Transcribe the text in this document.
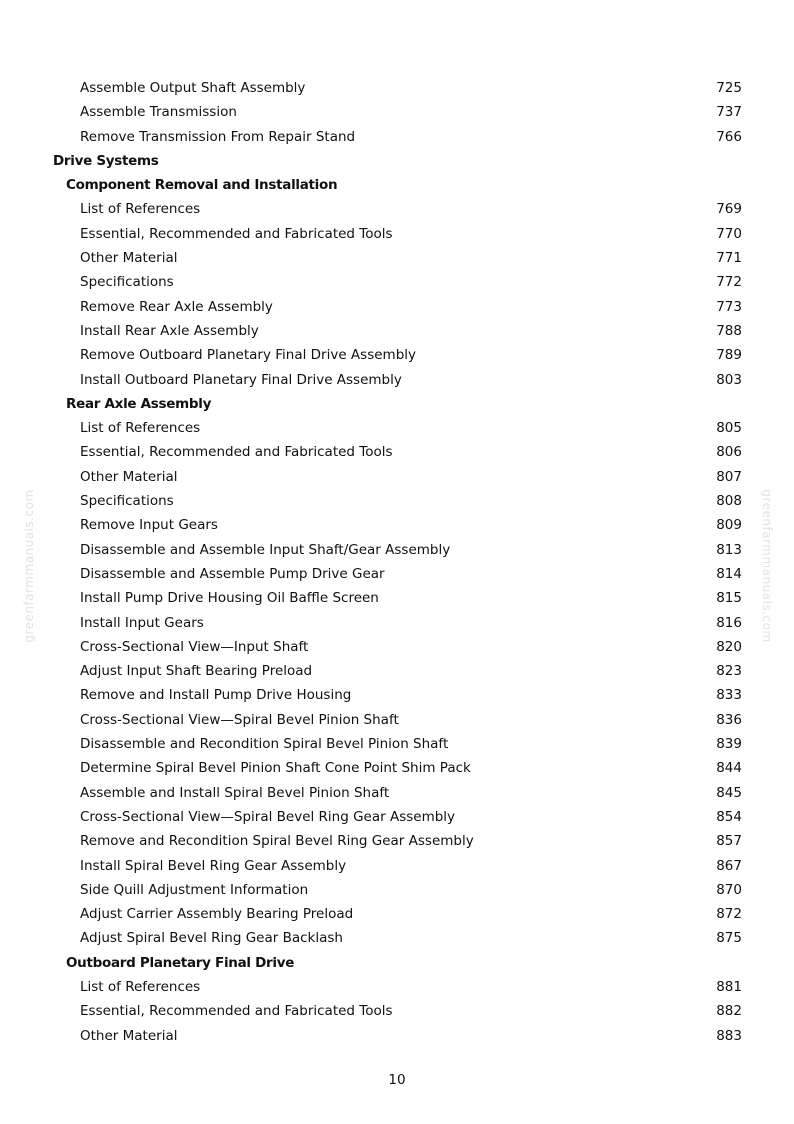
Assemble Output Shaft Assembly	725
Assemble Transmission	737
Remove Transmission From Repair Stand	766
Drive Systems
Component Removal and Installation
List of References	769
Essential, Recommended and Fabricated Tools	770
Other Material	771
Specifications	772
Remove Rear Axle Assembly	773
Install Rear Axle Assembly	788
Remove Outboard Planetary Final Drive Assembly	789
Install Outboard Planetary Final Drive Assembly	803
Rear Axle Assembly
List of References	805
Essential, Recommended and Fabricated Tools	806
Other Material	807
Specifications	808
Remove Input Gears	809
Disassemble and Assemble Input Shaft/Gear Assembly	813
Disassemble and Assemble Pump Drive Gear	814
Install Pump Drive Housing Oil Baffle Screen	815
Install Input Gears	816
Cross-Sectional View—Input Shaft	820
Adjust Input Shaft Bearing Preload	823
Remove and Install Pump Drive Housing	833
Cross-Sectional View—Spiral Bevel Pinion Shaft	836
Disassemble and Recondition Spiral Bevel Pinion Shaft	839
Determine Spiral Bevel Pinion Shaft Cone Point Shim Pack	844
Assemble and Install Spiral Bevel Pinion Shaft	845
Cross-Sectional View—Spiral Bevel Ring Gear Assembly	854
Remove and Recondition Spiral Bevel Ring Gear Assembly	857
Install Spiral Bevel Ring Gear Assembly	867
Side Quill Adjustment Information	870
Adjust Carrier Assembly Bearing Preload	872
Adjust Spiral Bevel Ring Gear Backlash	875
Outboard Planetary Final Drive
List of References	881
Essential, Recommended and Fabricated Tools	882
Other Material	883
greenfarmmanuals.com	greenfarmmanuals.com
10
